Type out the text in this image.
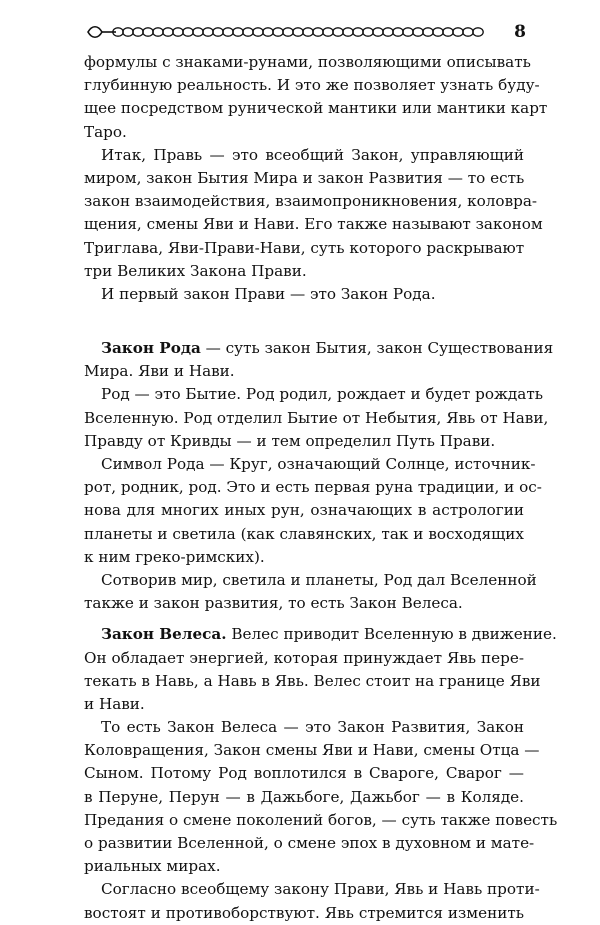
8
формулы с знаками-рунами, позволяющими описывать
глубинную реальность. И это же позволяет узнать буду-
щее посредством рунической мантики или мантики карт
Таро.
Итак, Правь — это всеобщий Закон, управляющий
миром, закон Бытия Мира и закон Развития — то есть
закон взаимодействия, взаимопроникновения, коловра-
щения, смены Яви и Нави. Его также называют законом
Триглава, Яви-Прави-Нави, суть которого раскрывают
три Великих Закона Прави.
И первый закон Прави — это Закон Рода.
Закон Рода — суть закон Бытия, закон Существования
Мира. Яви и Нави.
Род — это Бытие. Род родил, рождает и будет рождать
Вселенную. Род отделил Бытие от Небытия, Явь от Нави,
Правду от Кривды — и тем определил Путь Прави.
Символ Рода — Круг, означающий Солнце, источник-
рот, родник, род. Это и есть первая руна традиции, и ос-
нова для многих иных рун, означающих в астрологии
планеты и светила (как славянских, так и восходящих
к ним греко-римских).
Сотворив мир, светила и планеты, Род дал Вселенной
также и закон развития, то есть Закон Велеса.
Закон Велеса. Велес приводит Вселенную в движение.
Он обладает энергией, которая принуждает Явь пере-
текать в Навь, а Навь в Явь. Велес стоит на границе Яви
и Нави.
То есть Закон Велеса — это Закон Развития, Закон
Коловращения, Закон смены Яви и Нави, смены Отца —
Сыном. Потому Род воплотился в Свароге, Сварог —
в Перуне, Перун — в Дажьбоге, Дажьбог — в Коляде.
Предания о смене поколений богов, — суть также повесть
о развитии Вселенной, о смене эпох в духовном и мате-
риальных мирах.
Согласно всеобщему закону Прави, Явь и Навь проти-
востоят и противоборствуют. Явь стремится изменить
